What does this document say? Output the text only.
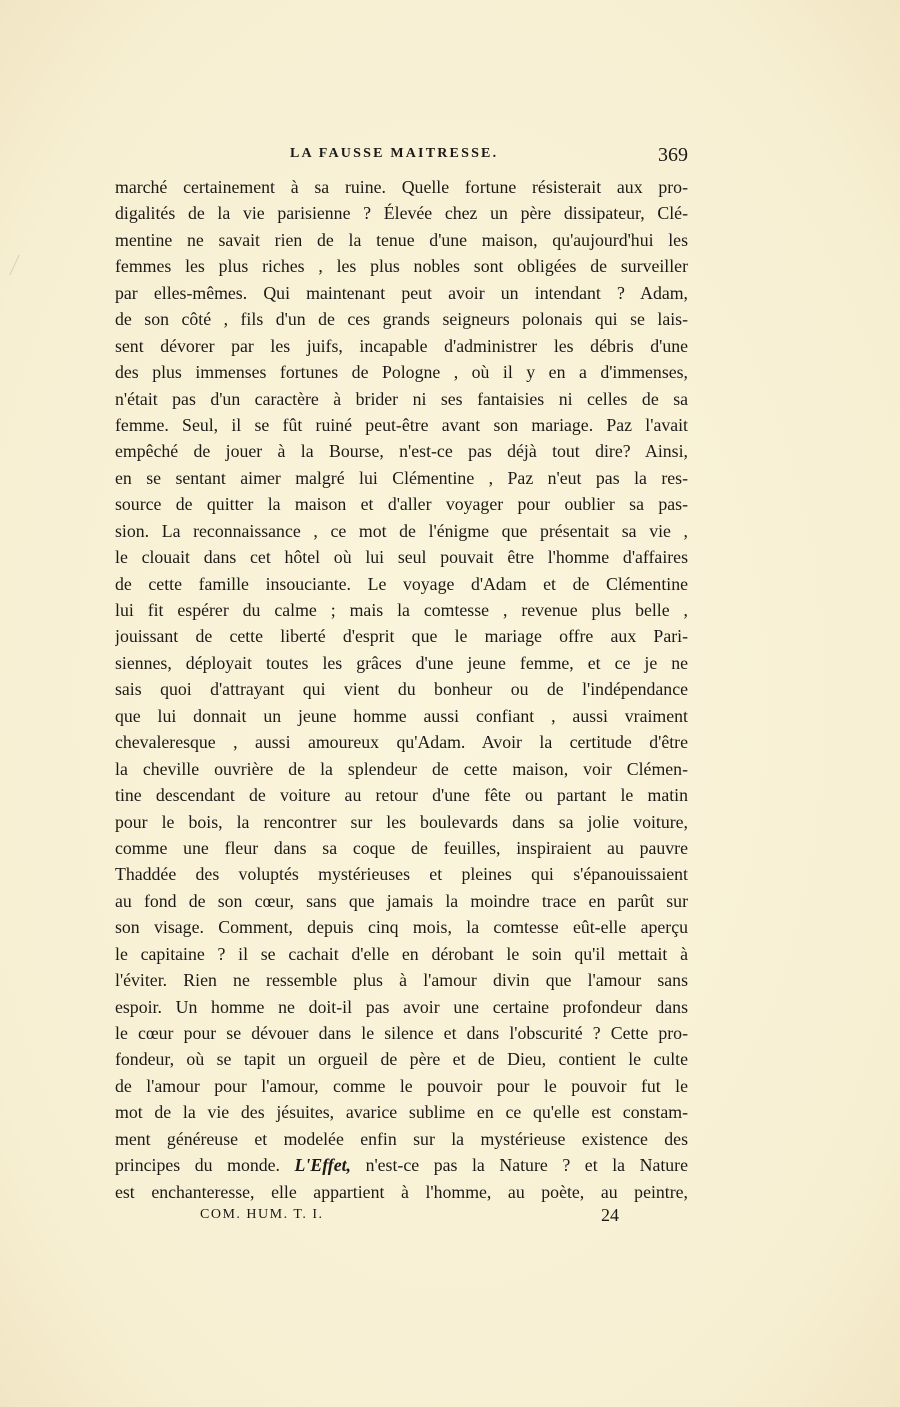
LA FAUSSE MAITRESSE.	369
marché certainement à sa ruine. Quelle fortune résisterait aux pro-
digalités de la vie parisienne ? Élevée chez un père dissipateur, Clé-
mentine ne savait rien de la tenue d'une maison, qu'aujourd'hui les
femmes les plus riches , les plus nobles sont obligées de surveiller
par elles-mêmes. Qui maintenant peut avoir un intendant ? Adam,
de son côté , fils d'un de ces grands seigneurs polonais qui se lais-
sent dévorer par les juifs, incapable d'administrer les débris d'une
des plus immenses fortunes de Pologne , où il y en a d'immenses,
n'était pas d'un caractère à brider ni ses fantaisies ni celles de sa
femme. Seul, il se fût ruiné peut-être avant son mariage. Paz l'avait
empêché de jouer à la Bourse, n'est-ce pas déjà tout dire? Ainsi,
en se sentant aimer malgré lui Clémentine , Paz n'eut pas la res-
source de quitter la maison et d'aller voyager pour oublier sa pas-
sion. La reconnaissance , ce mot de l'énigme que présentait sa vie ,
le clouait dans cet hôtel où lui seul pouvait être l'homme d'affaires
de cette famille insouciante. Le voyage d'Adam et de Clémentine
lui fit espérer du calme ; mais la comtesse , revenue plus belle ,
jouissant de cette liberté d'esprit que le mariage offre aux Pari-
siennes, déployait toutes les grâces d'une jeune femme, et ce je ne
sais quoi d'attrayant qui vient du bonheur ou de l'indépendance
que lui donnait un jeune homme aussi confiant , aussi vraiment
chevaleresque , aussi amoureux qu'Adam. Avoir la certitude d'être
la cheville ouvrière de la splendeur de cette maison, voir Clémen-
tine descendant de voiture au retour d'une fête ou partant le matin
pour le bois, la rencontrer sur les boulevards dans sa jolie voiture,
comme une fleur dans sa coque de feuilles, inspiraient au pauvre
Thaddée des voluptés mystérieuses et pleines qui s'épanouissaient
au fond de son cœur, sans que jamais la moindre trace en parût sur
son visage. Comment, depuis cinq mois, la comtesse eût-elle aperçu
le capitaine ? il se cachait d'elle en dérobant le soin qu'il mettait à
l'éviter. Rien ne ressemble plus à l'amour divin que l'amour sans
espoir. Un homme ne doit-il pas avoir une certaine profondeur dans
le cœur pour se dévouer dans le silence et dans l'obscurité ? Cette pro-
fondeur, où se tapit un orgueil de père et de Dieu, contient le culte
de l'amour pour l'amour, comme le pouvoir pour le pouvoir fut le
mot de la vie des jésuites, avarice sublime en ce qu'elle est constam-
ment généreuse et modelée enfin sur la mystérieuse existence des
principes du monde. L'Effet, n'est-ce pas la Nature ? et la Nature
est enchanteresse, elle appartient à l'homme, au poète, au peintre,
COM. HUM. T. I.	24
